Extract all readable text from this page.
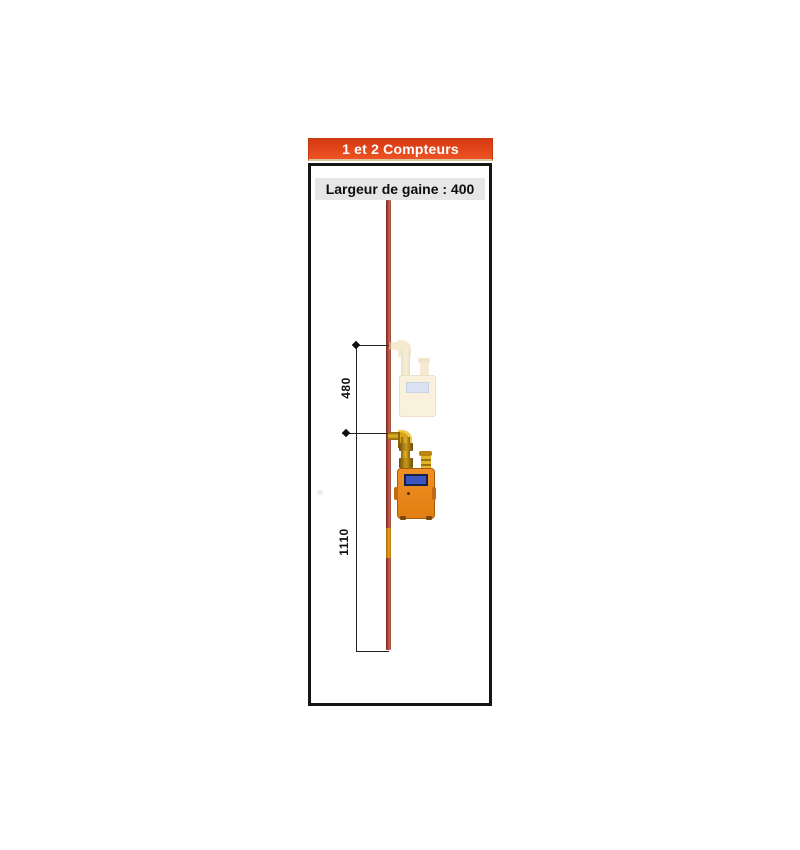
1 et 2 Compteurs
Largeur de gaine : 400
480
1110
